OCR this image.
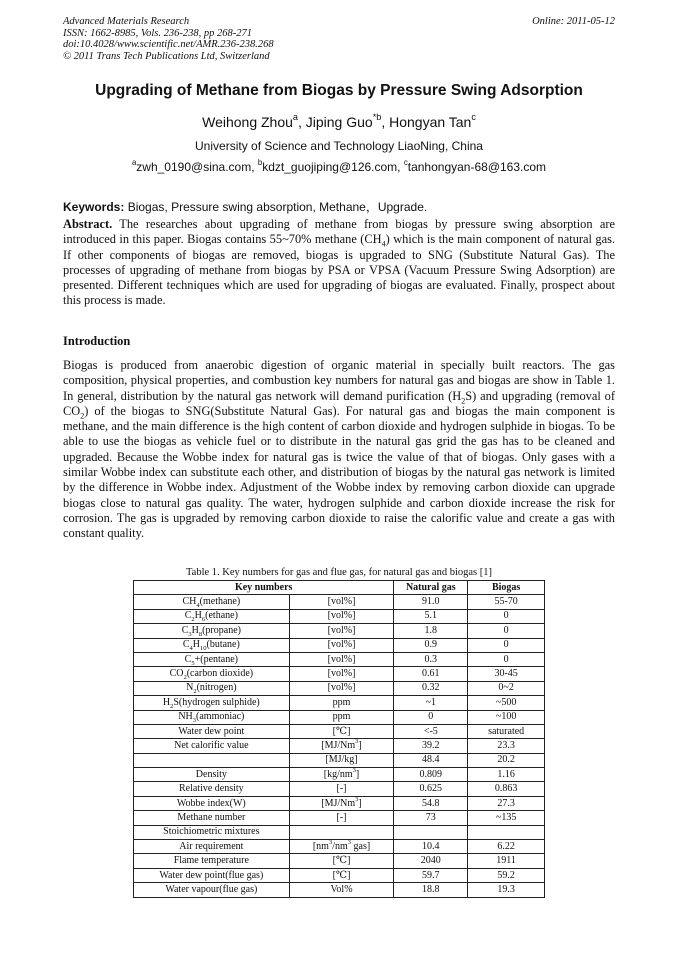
Advanced Materials Research
ISSN: 1662-8985, Vols. 236-238, pp 268-271
doi:10.4028/www.scientific.net/AMR.236-238.268
© 2011 Trans Tech Publications Ltd, Switzerland
Online: 2011-05-12
Upgrading of Methane from Biogas by Pressure Swing Adsorption
Weihong Zhou$^a$, Jiping Guo$^{*b}$, Hongyan Tan$^c$
University of Science and Technology LiaoNing, China
$^a$zwh_0190@sina.com, $^b$kdzt_guojiping@126.com, $^c$tanhongyan-68@163.com
Keywords: Biogas, Pressure swing absorption, Methane，Upgrade.

Abstract. The researches about upgrading of methane from biogas by pressure swing absorption are introduced in this paper. Biogas contains 55~70% methane $(CH_4)$ which is the main component of natural gas. If other components of biogas are removed, biogas is upgraded to SNG (Substitute Natural Gas). The processes of upgrading of methane from biogas by PSA or VPSA (Vacuum Pressure Swing Adsorption) are presented. Different techniques which are used for upgrading of biogas are evaluated. Finally, prospect about this process is made.

Introduction

Biogas is produced from anaerobic digestion of organic material in specially built reactors. The gas composition, physical properties, and combustion key numbers for natural gas and biogas are show in Table 1. In general, distribution by the natural gas network will demand purification $(H_2S)$ and upgrading (removal of $CO_2$) of the biogas to SNG(Substitute Natural Gas). For natural gas and biogas the main component is methane, and the main difference is the high content of carbon dioxide and hydrogen sulphide in biogas. To be able to use the biogas as vehicle fuel or to distribute in the natural gas grid the gas has to be cleaned and upgraded. Because the Wobbe index for natural gas is twice the value of that of biogas. Only gases with a similar Wobbe index can substitute each other, and distribution of biogas by the natural gas network is limited by the difference in Wobbe index. Adjustment of the Wobbe index by removing carbon dioxide can upgrade biogas close to natural gas quality. The water, hydrogen sulphide and carbon dioxide increase the risk for corrosion. The gas is upgraded by removing carbon dioxide to raise the calorific value and create a gas with constant quality.

Table 1. Key numbers for gas and flue gas, for natural gas and biogas [1]
Key numbers		Natural gas	Biogas
$CH_4(methane)$	[vol%]	91.0	55-70
$C_2H_6(ethane)$	[vol%]	5.1	0
$C_3H_8(propane)$	[vol%]	1.8	0
$C_4H_{10}(butane)$	[vol%]	0.9	0
$C_5+(pentane)$	[vol%]	0.3	0
$CO_2(carbon$ dioxide)	[vol%]	0.61	30-45
$N_2(nitrogen)$	[vol%]	0.32	0~2
$H_2S(hydrogen$ sulphide)	ppm	~1	~500
$NH_3(ammoniac)$	ppm	0	~100
Water dew point	[℃]	<-5	saturated
Net calorific value	[MJ/Nm$^3$]	39.2	23.3
	[MJ/kg]	48.4	20.2
Density	$[kg/nm^3]$	0.809	1.16
Relative density	[-]	0.625	0.863
Wobbe index(W)	[MJ/Nm$^3$]	54.8	27.3
Methane number	[-]	73	~135
Stoichiometric mixtures			
Air requirement	[$nm^3/nm^3$ gas]	10.4	6.22
Flame temperature	[℃]	2040	1911
Water dew point(flue gas)	[℃]	59.7	59.2
Water vapour(flue gas)	Vol%	18.8	19.3
